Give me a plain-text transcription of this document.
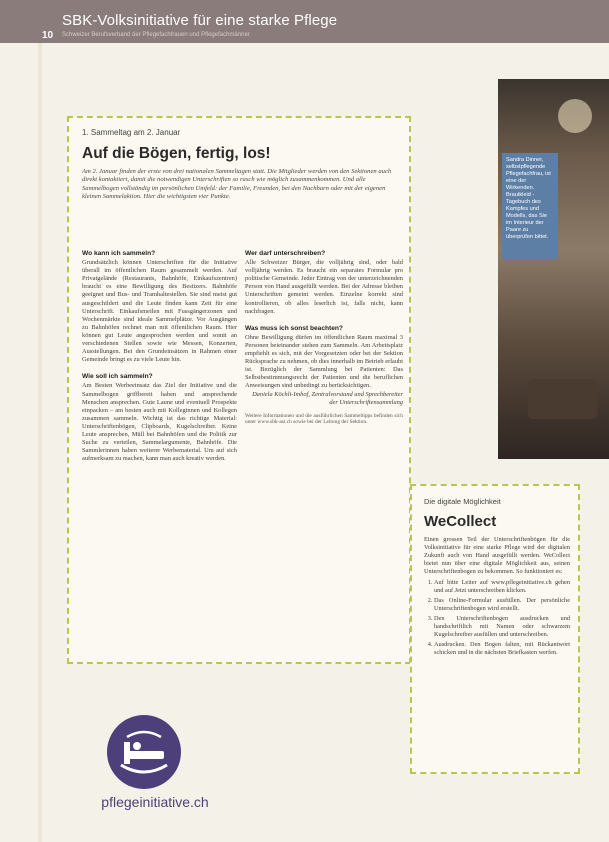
10
SBK-Volksinitiative für eine starke Pflege
Schweizer Berufsverband der Pflegefachfrauen und Pflegefachmänner
Sandra Dinner, selbstpflegende Pflegefachfrau, ist eine der Wirkenden. Brautkleid - Tagebuch des Kampfes und Modells, das Sie im Interieur der Paare zu überprüfen bittet.
1. Sammeltag am 2. Januar
Auf die Bögen, fertig, los!
Am 2. Januar finden der erste von drei nationalen Sammeltagen statt. Die Mitglieder werden von den Sektionen auch direkt kontaktiert, damit die notwendigen Unterschriften so rasch wie möglich zusammenkommen. Und alle Sammelbogen vollständig im persönlichen Umfeld: der Familie, Freunden, bei den Nachbarn oder mit der eigenen kleinen Sammelaktion. Hier die wichtigsten vier Punkte.
Wo kann ich sammeln?
Grundsätzlich können Unterschriften für die Initiative überall im öffentlichen Raum gesammelt werden. Auf Privatgelände (Restaurants, Bahnhöfe, Einkaufszentren) braucht es eine Bewilligung des Besitzers. Bahnhöfe geeignet und Bus- und Tramhaltestellen. Sie sind meist gut ausgeschildert und die Leute finden kann Zeit für eine Unterschrift. Einkaufsmeilen mit Fussgängerzonen und Wochenmärkte sind ideale Sammelplätze. Vor Ausgängen zu Bahnhöfen rechnet man mit öffentlichen Raum. Hier können gut Leute angesprochen werden und somit an verschiedenen Stellen sowie wie Messen, Konzerten, Ausstellungen. Bei den Grundeinsätzen in Rahmen einer Gemeinde bringt es zu viele Leute hin.
Wie soll ich sammeln?
Am Besten Werbeeinsatz das Ziel der Initiative und die Sammelbogen griffbereit haben und ansprechende Menschen ansprechen. Gute Laune und eventuell Prospekte einpacken – am besten auch mit Kolleginnen und Kollegen zusammen sammeln. Wichtig ist das richtige Material: Unterschriftenbögen, Clipboards, Kugelschreiber. Keine Leute ansprechen, Müll bei Bahnhöfen und die Politik zur Suche zu verteilen, Sammelargumente, Bahnhöfe. Die Sammlerinnen haben weiterer Werbematerial. Um auf sich aufmerksam zu machen, kann man auch kreativ werden.
Wer darf unterschreiben?
Alle Schweizer Bürger, die volljährig sind, oder bald volljährig werden. Es braucht ein separates Formular pro politische Gemeinde. Jeder Eintrag von der unterzeichnenden Person von Hand ausgefüllt werden. Bei der Adresse bleiben Unterschriften gemeint werden. Einzelne korrekt sind kontrollieren, ob alles leserlich ist, falls nicht, kann nachfragen.
Was muss ich sonst beachten?
Ohne Bewilligung dürfen im öffentlichen Raum maximal 3 Personen beieinander stehen zum Sammeln. Am Arbeitsplatz empfiehlt es sich, mit der Vorgesetzten oder bei der Sektion Rücksprache zu nehmen, ob dies innerhalb im Betrieb erlaubt ist. Bezüglich der Sammlung bei Patienten: Das Selbstbestimmungsrecht der Patienten und die beruflichen Anweisungen sind unbedingt zu berücksichtigen.
Daniela Köchli-Imhof, Zentralvorstand und Sprechbereiter der Unterschriftensammlung
Weitere Informationen und die ausführlichen Sammeltipps befinden sich unter www.sbk-asi.ch sowie bei der Leitung der Sektion.
Die digitale Möglichkeit
WeCollect
Einen grossen Teil der Unterschriftenbögen für die Volksinitiative für eine starke Pflege wird der digitalen Zukunft auch von Hand ausgefüllt werden. WeCollect bietet nun über eine digitale Möglichkeit aus, seinen Unterschriftenbogen zu bekommen. So funktioniert es:
1. Auf bitte Leiter auf www.pflegeinitiative.ch gehen und auf Jetzt unterschreiben klicken.
2. Das Online-Formular ausfüllen. Der persönliche Unterschriftenbogen wird erstellt.
3. Den Unterschriftenbogen ausdrucken und handschriftlich mit Namen oder schwarzem Kugelschreiber ausfüllen und unterschreiben.
4. Ausdrucken. Den Bogen falten, mit Rückantwort schicken und in die nächsten Briefkasten werfen.
pflegeinitiative.ch
